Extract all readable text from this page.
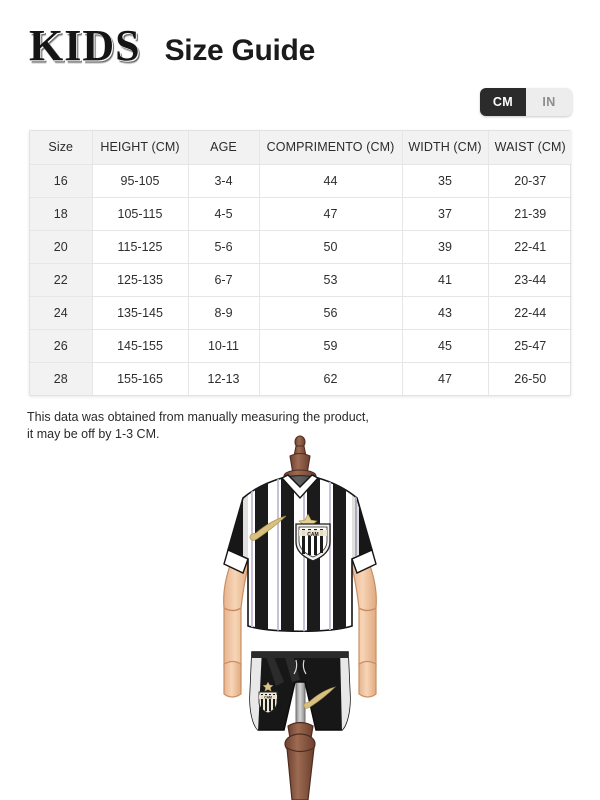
KIDS Size Guide
CM	IN
Size	HEIGHT (CM)	AGE	COMPRIMENTO (CM)	WIDTH (CM)	WAIST (CM)
16	95-105	3-4	44	35	20-37
18	105-115	4-5	47	37	21-39
20	115-125	5-6	50	39	22-41
22	125-135	6-7	53	41	23-44
24	135-145	8-9	56	43	22-44
26	145-155	10-11	59	45	25-47
28	155-165	12-13	62	47	26-50
This data was obtained from manually measuring the product,
it may be off by 1-3 CM.
CAM
CAM
